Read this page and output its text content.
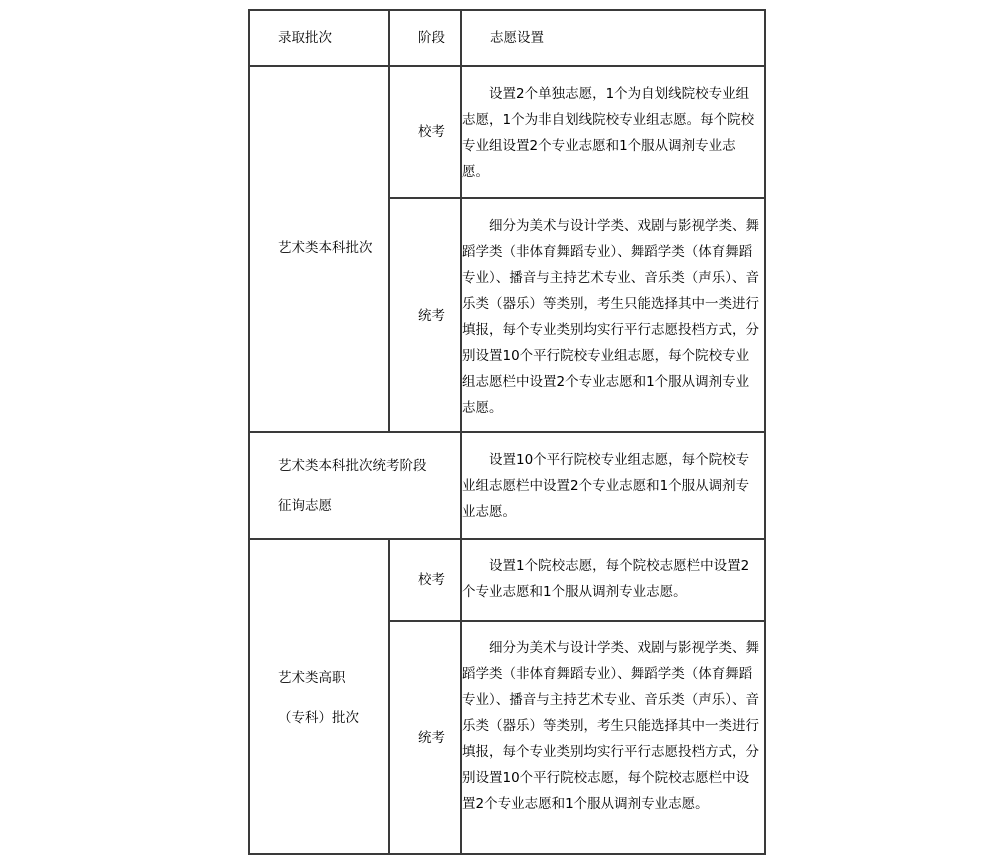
录取批次	阶段	志愿设置
艺术类本科批次
校考
设置2个单独志愿，1个为自划线院校专业组志愿，1个为非自划线院校专业组志愿。每个院校专业组设置2个专业志愿和1个服从调剂专业志愿。
统考
细分为美术与设计学类、戏剧与影视学类、舞蹈学类（非体育舞蹈专业）、舞蹈学类（体育舞蹈专业）、播音与主持艺术专业、音乐类（声乐）、音乐类（器乐）等类别，考生只能选择其中一类进行填报，每个专业类别均实行平行志愿投档方式，分别设置10个平行院校专业组志愿，每个院校专业组志愿栏中设置2个专业志愿和1个服从调剂专业志愿。
艺术类本科批次统考阶段
征询志愿
设置10个平行院校专业组志愿，每个院校专业组志愿栏中设置2个专业志愿和1个服从调剂专业志愿。
艺术类高职
（专科）批次
校考
设置1个院校志愿，每个院校志愿栏中设置2个专业志愿和1个服从调剂专业志愿。
统考
细分为美术与设计学类、戏剧与影视学类、舞蹈学类（非体育舞蹈专业）、舞蹈学类（体育舞蹈专业）、播音与主持艺术专业、音乐类（声乐）、音乐类（器乐）等类别，考生只能选择其中一类进行填报，每个专业类别均实行平行志愿投档方式，分别设置10个平行院校志愿，每个院校志愿栏中设置2个专业志愿和1个服从调剂专业志愿。
